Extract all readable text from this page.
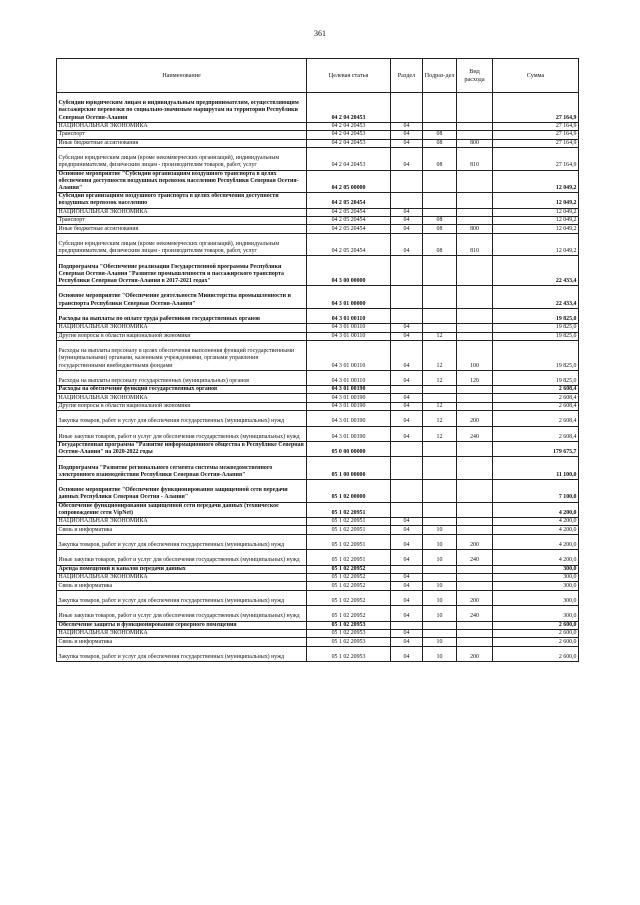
361
Наименование	Целевая статья	Раздел	Подраз-дел	Вид расхода	Сумма
Субсидии юридическим лицам и индивидуальным предпринимателям, осуществляющим пассажирские перевозки по социально-значимым маршрутам на территории Республики Северная Осетия-Алания	04 2 04 20453				27 164,9
НАЦИОНАЛЬНАЯ ЭКОНОМИКА	04 2 04 20453	04			27 164,9
Транспорт	04 2 04 20453	04	08		27 164,9
Иные бюджетные ассигнования	04 2 04 20453	04	08	800	27 164,9
Субсидии юридическим лицам (кроме некоммерческих организаций), индивидуальным предпринимателям, физическим лицам - производителям товаров, работ, услуг	04 2 04 20453	04	08	810	27 164,9
Основное мероприятие "Субсидии организациям воздушного транспорта в целях обеспечения доступности воздушных перевозок населению Республики Северная Осетия-Алания"	04 2 05 00000				12 049,2
Субсидии организациям воздушного транспорта в целях обеспечения доступности воздушных перевозок населению	04 2 05 20454				12 049,2
НАЦИОНАЛЬНАЯ ЭКОНОМИКА	04 2 05 20454	04			12 049,2
Транспорт	04 2 05 20454	04	08		12 049,2
Иные бюджетные ассигнования	04 2 05 20454	04	08	800	12 049,2
Субсидии юридическим лицам (кроме некоммерческих организаций), индивидуальным предпринимателям, физическим лицам - производителям товаров, работ, услуг	04 2 05 20454	04	08	810	12 049,2
Подпрограмма "Обеспечение реализации Государственной программы Республики Северная Осетия-Алания "Развитие промышленности и пассажирского транспорта Республики Северная Осетия-Алания в 2017-2021 годах"	04 3 00 00000				22 433,4
Основное мероприятие "Обеспечение деятельности Министерства промышленности и транспорта Республики Северная Осетия-Алания"	04 3 01 00000				22 433,4
Расходы на выплаты по оплате труда работников государственных органов	04 3 01 00110				19 825,0
НАЦИОНАЛЬНАЯ ЭКОНОМИКА	04 3 01 00110	04			19 825,0
Другие вопросы в области национальной экономики	04 3 01 00110	04	12		19 825,0
Расходы на выплаты персоналу в целях обеспечения выполнения функций государственными (муниципальными) органами, казенными учреждениями, органами управления государственными внебюджетными фондами	04 3 01 00110	04	12	100	19 825,0
Расходы на выплаты персоналу государственных (муниципальных) органов	04 3 01 00110	04	12	120	19 825,0
Расходы на обеспечение функций государственных органов	04 3 01 00190				2 608,4
НАЦИОНАЛЬНАЯ ЭКОНОМИКА	04 3 01 00190	04			2 608,4
Другие вопросы в области национальной экономики	04 3 01 00190	04	12		2 608,4
Закупка товаров, работ и услуг для обеспечения государственных (муниципальных) нужд	04 3 01 00190	04	12	200	2 608,4
Иные закупки товаров, работ и услуг для обеспечения государственных (муниципальных) нужд	04 3 01 00190	04	12	240	2 608,4
Государственная программа "Развитие информационного общества в Республике Северная Осетия-Алания" на 2020-2022 годы	05 0 00 00000				179 675,7
Подпрограмма "Развитие регионального сегмента системы межведомственного электронного взаимодействия Республики Северная Осетия-Алания"	05 1 00 00000				11 100,0
Основное мероприятие "Обеспечение функционирования защищенной сети передачи данных Республики Северная Осетия - Алания"	05 1 02 00000				7 100,0
Обеспечение функционирования защищенной сети передачи данных (техническое сопровождение сети VipNet)	05 1 02 20951				4 200,0
НАЦИОНАЛЬНАЯ ЭКОНОМИКА	05 1 02 20951	04			4 200,0
Связь и информатика	05 1 02 20951	04	10		4 200,0
Закупка товаров, работ и услуг для обеспечения государственных (муниципальных) нужд	05 1 02 20951	04	10	200	4 200,0
Иные закупки товаров, работ и услуг для обеспечения государственных (муниципальных) нужд	05 1 02 20951	04	10	240	4 200,0
Аренда помещений и каналов передачи данных	05 1 02 20952				300,0
НАЦИОНАЛЬНАЯ ЭКОНОМИКА	05 1 02 20952	04			300,0
Связь и информатика	05 1 02 20952	04	10		300,0
Закупка товаров, работ и услуг для обеспечения государственных (муниципальных) нужд	05 1 02 20952	04	10	200	300,0
Иные закупки товаров, работ и услуг для обеспечения государственных (муниципальных) нужд	05 1 02 20952	04	10	240	300,0
Обеспечение защиты и функционирования серверного помещения	05 1 02 20953				2 600,0
НАЦИОНАЛЬНАЯ ЭКОНОМИКА	05 1 02 20953	04			2 600,0
Связь и информатика	05 1 02 20953	04	10		2 600,0
Закупка товаров, работ и услуг для обеспечения государственных (муниципальных) нужд	05 1 02 20953	04	10	200	2 600,0
